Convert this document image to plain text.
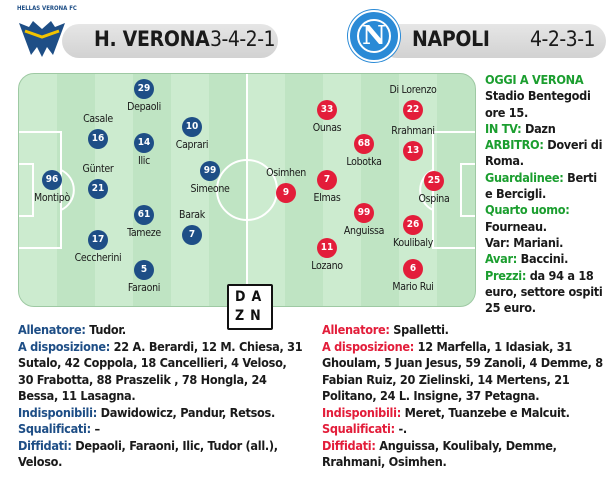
HELLAS VERONA FC
H. VERONA 3-4-2-1	N	NAPOLI 4-2-3-1
96
Montipò
16
Casale
21
Günter
17
Ceccherini
29
Depaoli
14
Ilic
61
Tameze
5
Faraoni
10
Caprari
7
Barak
99
Simeone	9
Osimhen
33
Ounas
7
Elmas
11
Lozano
68
Lobotka
99
Anguissa
22
Di Lorenzo
13
Rrahmani
26
Koulibaly
6
Mario Rui
25
Ospina
DA
ZN
OGGI A VERONA
Stadio Bentegodi ore 15.
IN TV: Dazn
ARBITRO: Doveri di Roma.
Guardalinee: Berti e Bercigli.
Quarto uomo: Fourneau.
Var: Mariani.
Avar: Baccini.
Prezzi: da 94 a 18 euro, settore ospiti 25 euro.
Allenatore: Tudor.
A disposizione: 22 A. Berardi, 12 M. Chiesa, 31 Sutalo, 42 Coppola, 18 Cancellieri, 4 Veloso, 30 Frabotta, 88 Praszelik , 78 Hongla, 24 Bessa, 11 Lasagna.
Indisponibili: Dawidowicz, Pandur, Retsos.
Squalificati: –
Diffidati: Depaoli, Faraoni, Ilic, Tudor (all.), Veloso.
Allenatore: Spalletti.
A disposizione: 12 Marfella, 1 Idasiak, 31 Ghoulam, 5 Juan Jesus, 59 Zanoli, 4 Demme, 8 Fabian Ruiz, 20 Zielinski, 14 Mertens, 21 Politano, 24 L. Insigne, 37 Petagna.
Indisponibili: Meret, Tuanzebe e Malcuit.
Squalificati: -.
Diffidati: Anguissa, Koulibaly, Demme, Rrahmani, Osimhen.
